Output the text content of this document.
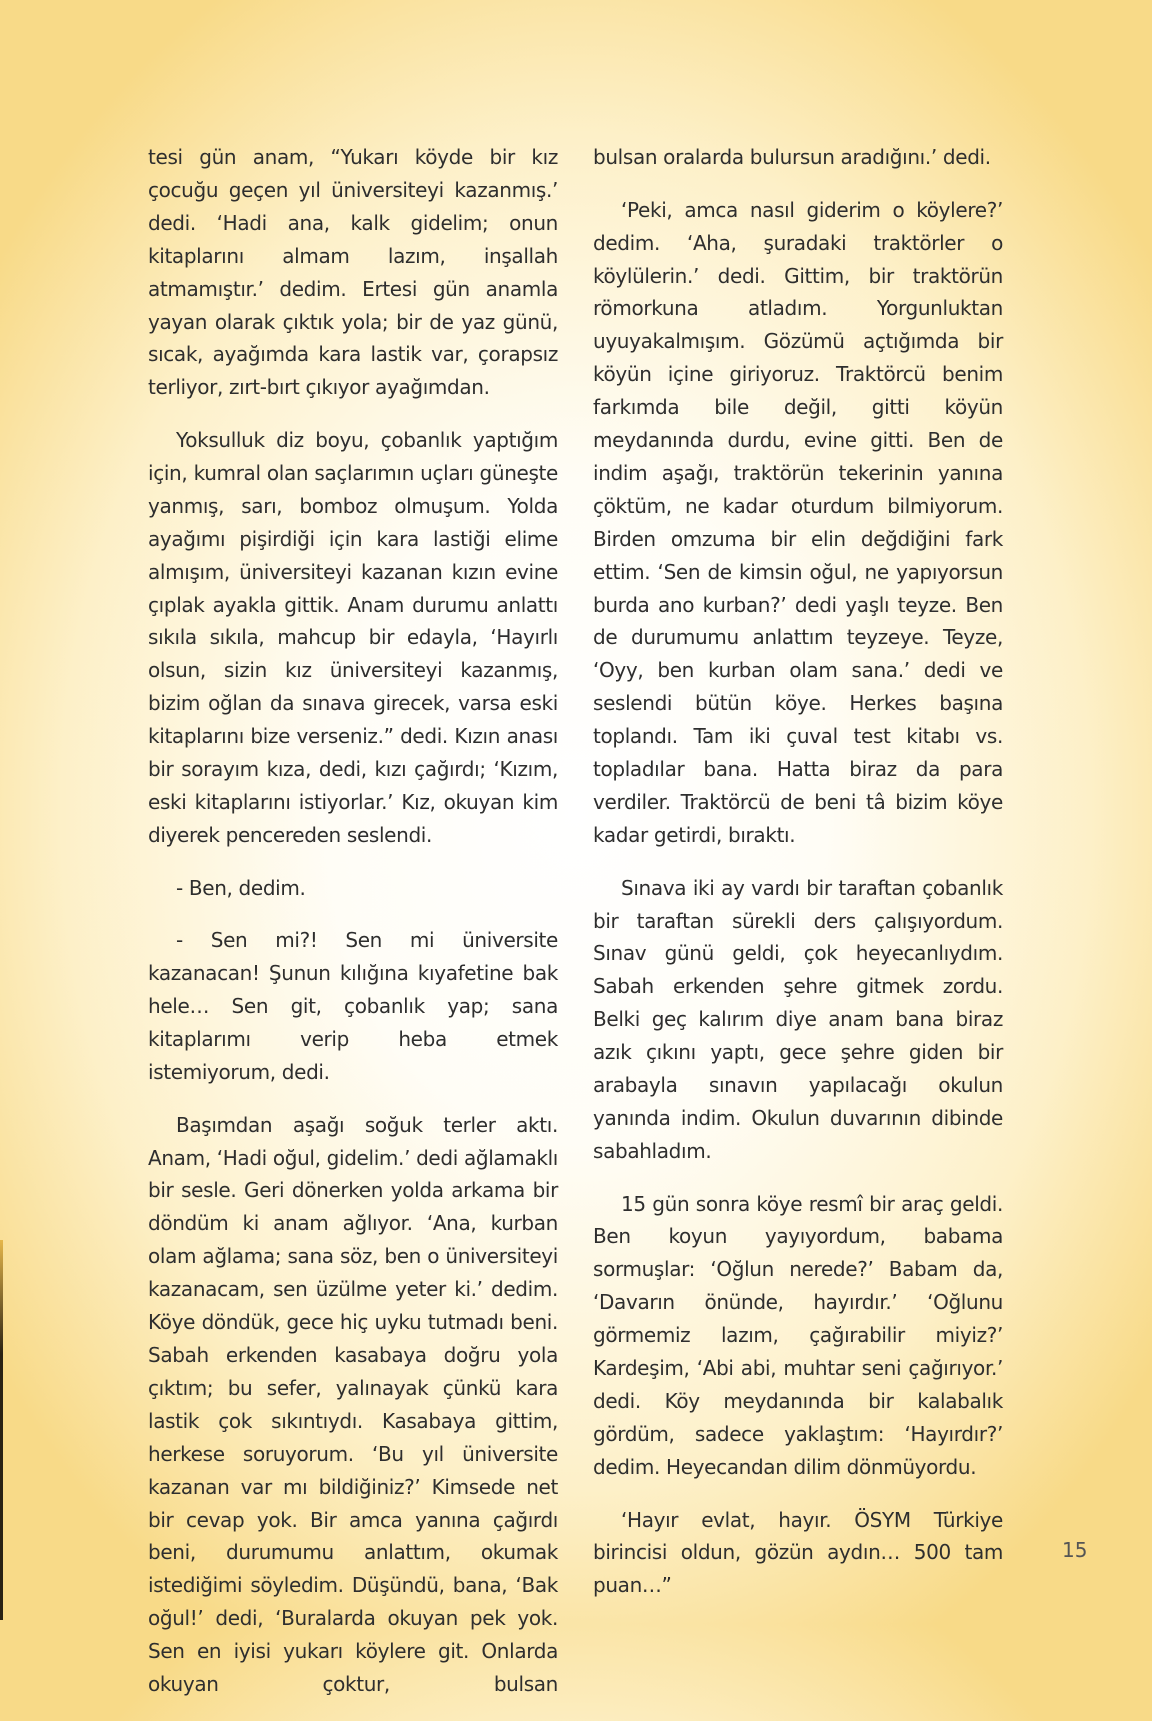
tesi gün anam, “Yukarı köyde bir kız çocuğu geçen yıl üniversiteyi kazanmış.’ dedi. ‘Hadi ana, kalk gidelim; onun kitaplarını almam lazım, inşallah atmamıştır.’ dedim. Ertesi gün anamla yayan olarak çıktık yola; bir de yaz günü, sıcak, ayağımda kara lastik var, çorapsız terliyor, zırt-bırt çıkıyor ayağımdan.

Yoksulluk diz boyu, çobanlık yaptığım için, kumral olan saçlarımın uçları güneşte yanmış, sarı, bomboz olmuşum. Yolda ayağımı pişirdiği için kara lastiği elime almışım, üniversiteyi kazanan kızın evine çıplak ayakla gittik. Anam durumu anlattı sıkıla sıkıla, mahcup bir edayla, ‘Hayırlı olsun, sizin kız üniversiteyi kazanmış, bizim oğlan da sınava girecek, varsa eski kitaplarını bize verseniz.” dedi. Kızın anası bir sorayım kıza, dedi, kızı çağırdı; ‘Kızım, eski kitaplarını istiyorlar.’ Kız, okuyan kim diyerek pencereden seslendi.

- Ben, dedim.

- Sen mi?! Sen mi üniversite kazanacan! Şunun kılığına kıyafetine bak hele… Sen git, çobanlık yap; sana kitaplarımı verip heba etmek istemiyorum, dedi.

Başımdan aşağı soğuk terler aktı. Anam, ‘Hadi oğul, gidelim.’ dedi ağlamaklı bir sesle. Geri dönerken yolda arkama bir döndüm ki anam ağlıyor. ‘Ana, kurban olam ağlama; sana söz, ben o üniversiteyi kazanacam, sen üzülme yeter ki.’ dedim. Köye döndük, gece hiç uyku tutmadı beni. Sabah erkenden kasabaya doğru yola çıktım; bu sefer, yalınayak çünkü kara lastik çok sıkıntıydı. Kasabaya gittim, herkese soruyorum. ‘Bu yıl üniversite kazanan var mı bildiğiniz?’ Kimsede net bir cevap yok. Bir amca yanına çağırdı beni, durumumu anlattım, okumak istediğimi söyledim. Düşündü, bana, ‘Bak oğul!’ dedi, ‘Buralarda okuyan pek yok. Sen en iyisi yukarı köylere git. Onlarda okuyan çoktur, bulsan

bulsan oralarda bulursun aradığını.’ dedi.

‘Peki, amca nasıl giderim o köylere?’ dedim. ‘Aha, şuradaki traktörler o köylülerin.’ dedi. Gittim, bir traktörün römorkuna atladım. Yorgunluktan uyuyakalmışım. Gözümü açtığımda bir köyün içine giriyoruz. Traktörcü benim farkımda bile değil, gitti köyün meydanında durdu, evine gitti. Ben de indim aşağı, traktörün tekerinin yanına çöktüm, ne kadar oturdum bilmiyorum. Birden omzuma bir elin değdiğini fark ettim. ‘Sen de kimsin oğul, ne yapıyorsun burda ano kurban?’ dedi yaşlı teyze. Ben de durumumu anlattım teyzeye. Teyze, ‘Oyy, ben kurban olam sana.’ dedi ve seslendi bütün köye. Herkes başına toplandı. Tam iki çuval test kitabı vs. topladılar bana. Hatta biraz da para verdiler. Traktörcü de beni tâ bizim köye kadar getirdi, bıraktı.

Sınava iki ay vardı bir taraftan çobanlık bir taraftan sürekli ders çalışıyordum. Sınav günü geldi, çok heyecanlıydım. Sabah erkenden şehre gitmek zordu. Belki geç kalırım diye anam bana biraz azık çıkını yaptı, gece şehre giden bir arabayla sınavın yapılacağı okulun yanında indim. Okulun duvarının dibinde sabahladım.

15 gün sonra köye resmî bir araç geldi. Ben koyun yayıyordum, babama sormuşlar: ‘Oğlun nerede?’ Babam da, ‘Davarın önünde, hayırdır.’ ‘Oğlunu görmemiz lazım, çağırabilir miyiz?’ Kardeşim, ‘Abi abi, muhtar seni çağırıyor.’ dedi. Köy meydanında bir kalabalık gördüm, sadece yaklaştım: ‘Hayırdır?’ dedim. Heyecandan dilim dönmüyordu.

‘Hayır evlat, hayır. ÖSYM Türkiye birincisi oldun, gözün aydın… 500 tam puan…”

15
